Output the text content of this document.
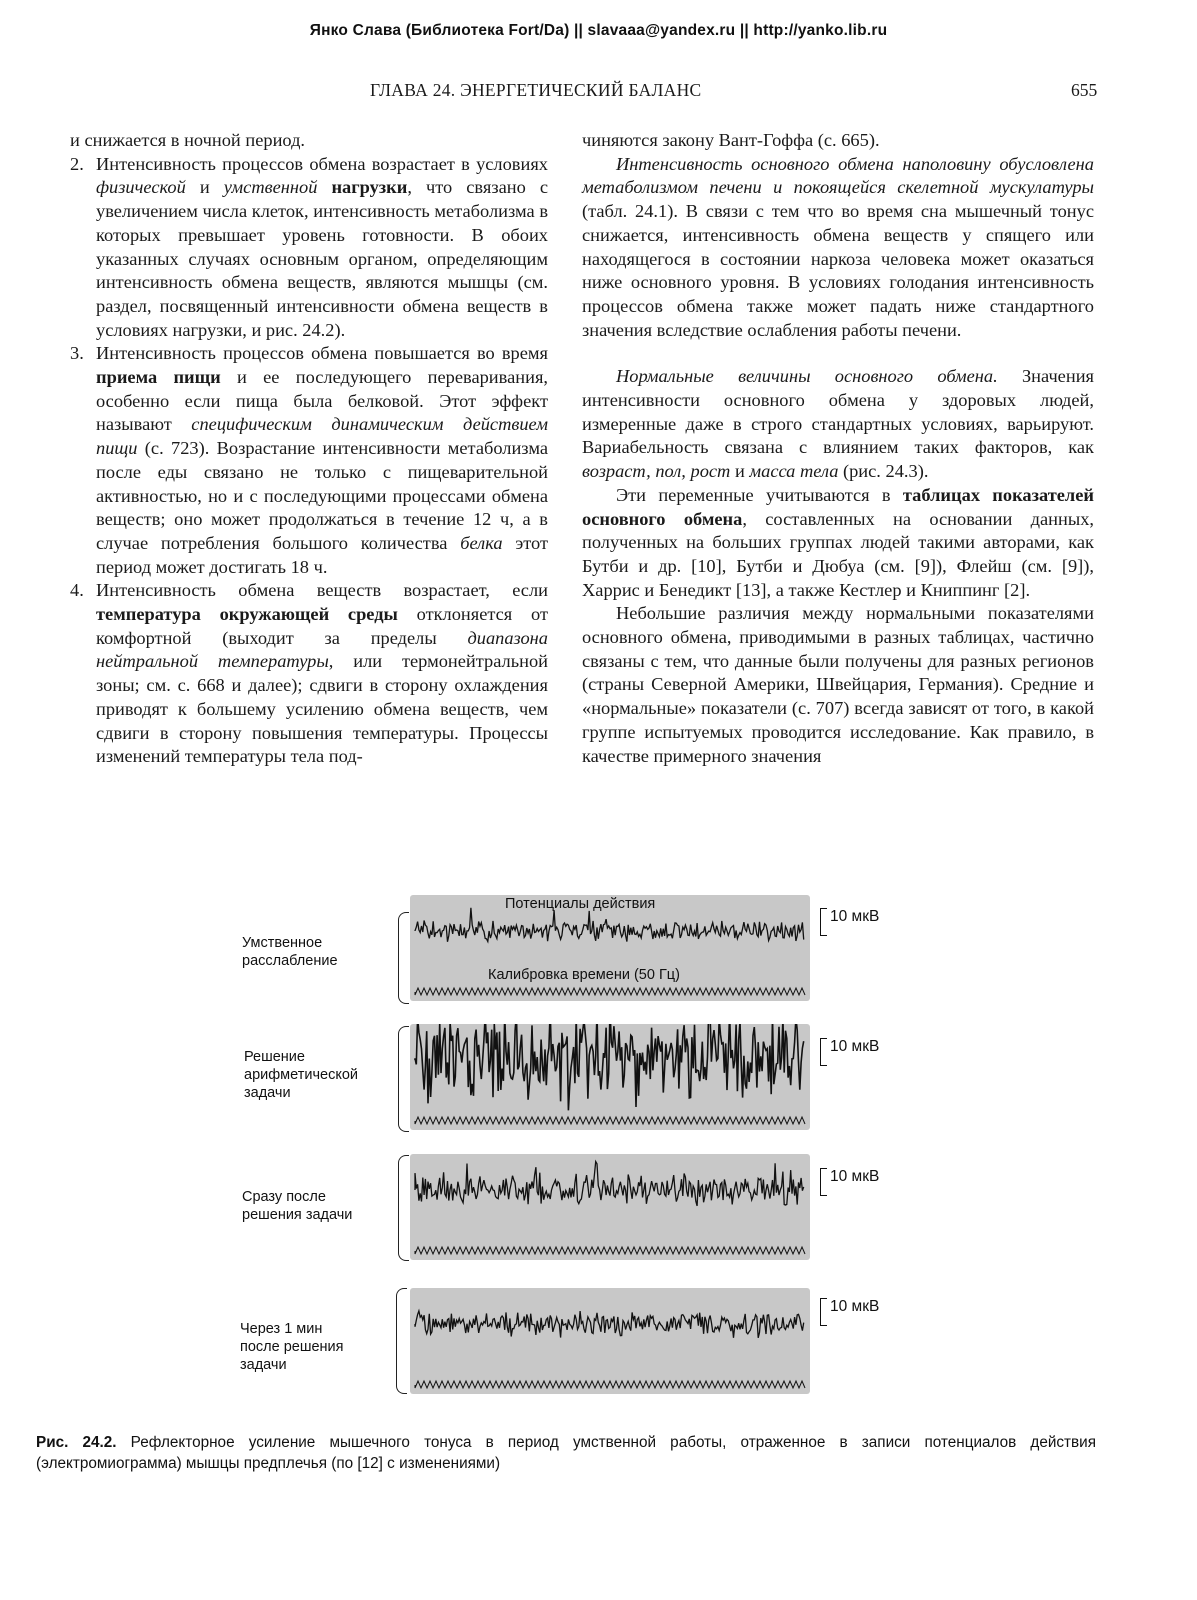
Янко Слава (Библиотека Fort/Da) || slavaaa@yandex.ru || http://yanko.lib.ru
ГЛАВА 24. ЭНЕРГЕТИЧЕСКИЙ БАЛАНС	655

и снижается в ночной период.

2. Интенсивность процессов обмена возрастает в условиях физической и умственной нагрузки, что связано с увеличением числа клеток, интенсивность метаболизма в которых превышает уровень готовности. В обоих указанных случаях основным органом, определяющим интенсивность обмена веществ, являются мышцы (см. раздел, посвященный интенсивности обмена веществ в условиях нагрузки, и рис. 24.2).

3. Интенсивность процессов обмена повышается во время приема пищи и ее последующего переваривания, особенно если пища была белковой. Этот эффект называют специфическим динамическим действием пищи (с. 723). Возрастание интенсивности метаболизма после еды связано не только с пищеварительной активностью, но и с последующими процессами обмена веществ; оно может продолжаться в течение 12 ч, а в случае потребления большого количества белка этот период может достигать 18 ч.

4. Интенсивность обмена веществ возрастает, если температура окружающей среды отклоняется от комфортной (выходит за пределы диапазона нейтральной температуры, или термонейтральной зоны; см. с. 668 и далее); сдвиги в сторону охлаждения приводят к большему усилению обмена веществ, чем сдвиги в сторону повышения температуры. Процессы изменений температуры тела под-

чиняются закону Вант-Гоффа (с. 665).

Интенсивность основного обмена наполовину обусловлена метаболизмом печени и покоящейся скелетной мускулатуры (табл. 24.1). В связи с тем что во время сна мышечный тонус снижается, интенсивность обмена веществ у спящего или находящегося в состоянии наркоза человека может оказаться ниже основного уровня. В условиях голодания интенсивность процессов обмена также может падать ниже стандартного значения вследствие ослабления работы печени.

Нормальные величины основного обмена. Значения интенсивности основного обмена у здоровых людей, измеренные даже в строго стандартных условиях, варьируют. Вариабельность связана с влиянием таких факторов, как возраст, пол, рост и масса тела (рис. 24.3).

Эти переменные учитываются в таблицах показателей основного обмена, составленных на основании данных, полученных на больших группах людей такими авторами, как Бутби и др. [10], Бутби и Дюбуа (см. [9]), Флейш (см. [9]), Харрис и Бенедикт [13], а также Кестлер и Книппинг [2].

Небольшие различия между нормальными показателями основного обмена, приводимыми в разных таблицах, частично связаны с тем, что данные были получены для разных регионов (страны Северной Америки, Швейцария, Германия). Средние и «нормальные» показатели (с. 707) всегда зависят от того, в какой группе испытуемых проводится исследование. Как правило, в качестве примерного значения

Умственное
расслабление
Потенциалы действия
Калибровка времени (50 Гц)
10 мкВ
Решение
арифметической
задачи
10 мкВ
Сразу после
решения задачи
10 мкВ
Через 1 мин
после решения
задачи
10 мкВ
Рис. 24.2. Рефлекторное усиление мышечного тонуса в период умственной работы, отраженное в записи потенциалов действия (электромиограмма) мышцы предплечья (по [12] с изменениями)
